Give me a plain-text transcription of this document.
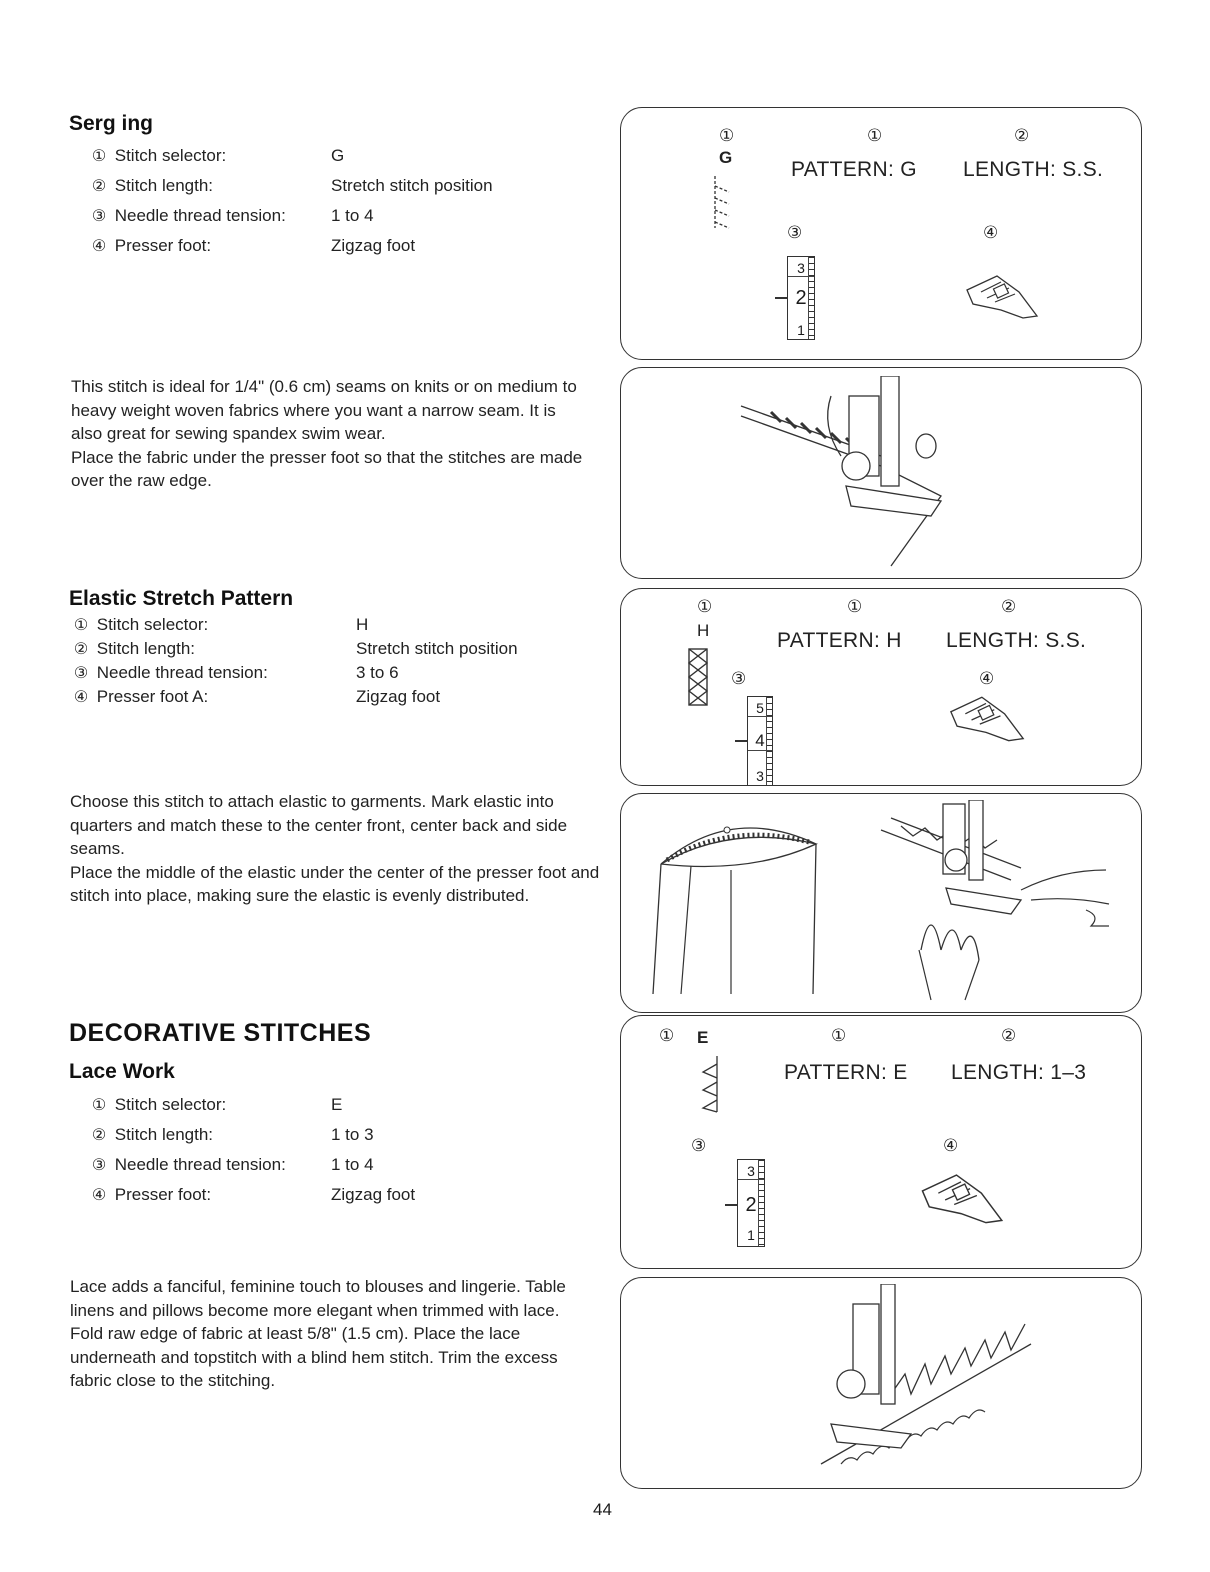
Serg ing
① Stitch selector:	G
② Stitch length:	Stretch stitch position
③ Needle thread tension:	1 to 4
④ Presser foot:	Zigzag foot

This stitch is ideal for 1/4" (0.6 cm) seams on knits or on medium to heavy weight woven fabrics where you want a narrow seam. It is also great for sewing spandex swim wear.

Place the fabric under the presser foot so that the stitches are made over the raw edge.

①
G
①
PATTERN: G
②
LENGTH: S.S.
③	④
3
2
1
Elastic Stretch Pattern
① Stitch selector:	H
② Stitch length:	Stretch stitch position
③ Needle thread tension:	3 to 6
④ Presser foot A:	Zigzag foot

Choose this stitch to attach elastic to garments. Mark elastic into quarters and match these to the center front, center back and side seams.

Place the middle of the elastic under the center of the presser foot and stitch into place, making sure the elastic is evenly distributed.

①
H
①
PATTERN: H
②
LENGTH: S.S.
③	④
5
4
3
DECORATIVE STITCHES
Lace Work
① Stitch selector:	E
② Stitch length:	1 to 3
③ Needle thread tension:	1 to 4
④ Presser foot:	Zigzag foot

Lace adds a fanciful, feminine touch to blouses and lingerie. Table linens and pillows become more elegant when trimmed with lace.

Fold raw edge of fabric at least 5/8" (1.5 cm). Place the lace underneath and topstitch with a blind hem stitch. Trim the excess fabric close to the stitching.

① E	①
PATTERN: E
②
LENGTH: 1–3
③	④
3
2
1
44
